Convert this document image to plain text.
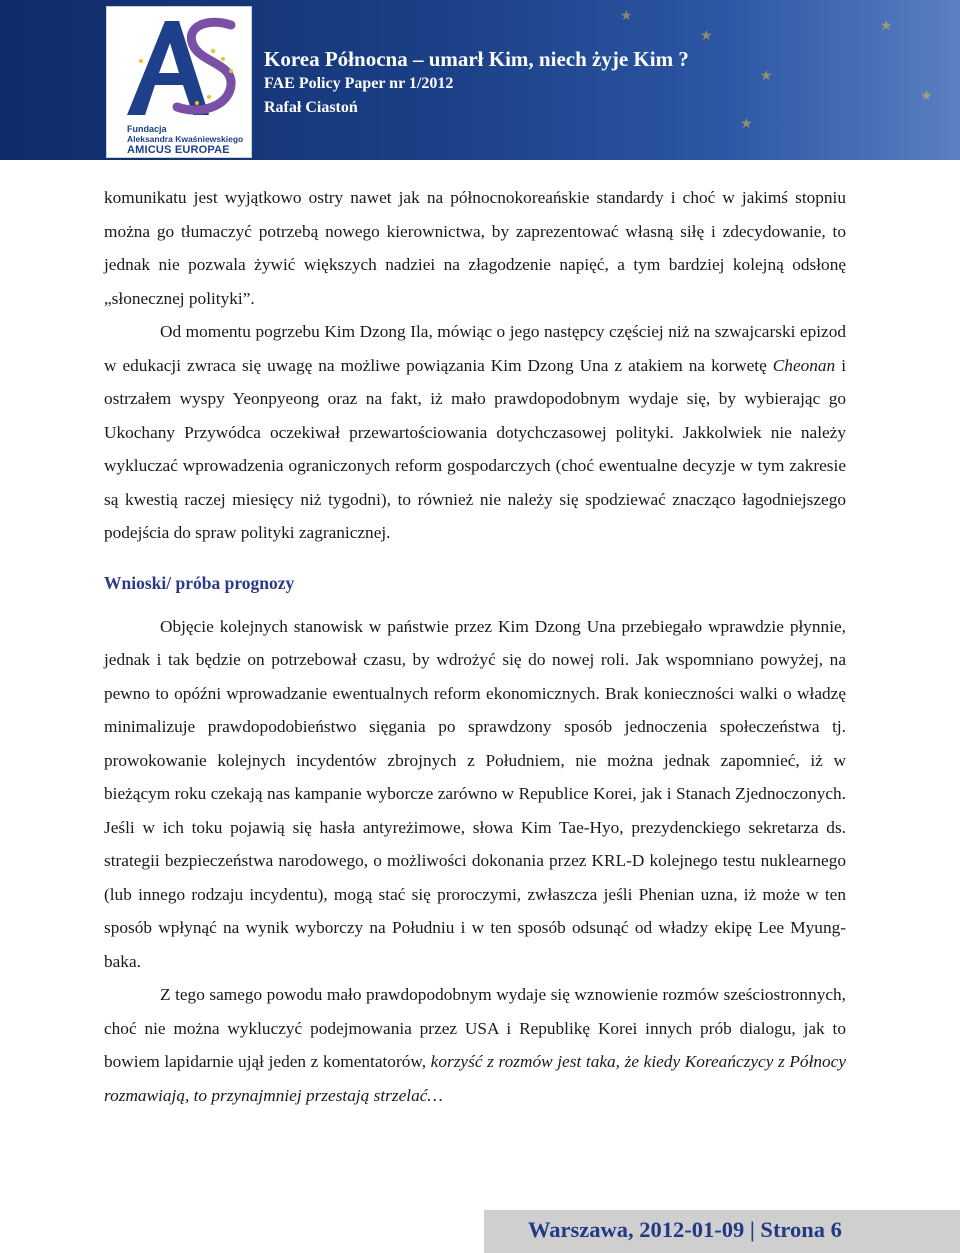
★
★
★
★
★
★
Fundacja
Aleksandra Kwaśniewskiego
AMICUS EUROPAE
Korea Północna – umarł Kim, niech żyje Kim ?
FAE Policy Paper nr 1/2012
Rafał Ciastoń

komunikatu jest wyjątkowo ostry nawet jak na północnokoreańskie standardy i choć w jakimś stopniu można go tłumaczyć potrzebą nowego kierownictwa, by zaprezentować własną siłę i zdecydowanie, to jednak nie pozwala żywić większych nadziei na złagodzenie napięć, a tym bardziej kolejną odsłonę „słonecznej polityki”.

Od momentu pogrzebu Kim Dzong Ila, mówiąc o jego następcy częściej niż na szwajcarski epizod w edukacji zwraca się uwagę na możliwe powiązania Kim Dzong Una z atakiem na korwetę Cheonan i ostrzałem wyspy Yeonpyeong oraz na fakt, iż mało prawdopodobnym wydaje się, by wybierając go Ukochany Przywódca oczekiwał przewartościowania dotychczasowej polityki. Jakkolwiek nie należy wykluczać wprowadzenia ograniczonych reform gospodarczych (choć ewentualne decyzje w tym zakresie są kwestią raczej miesięcy niż tygodni), to również nie należy się spodziewać znacząco łagodniejszego podejścia do spraw polityki zagranicznej.

Wnioski/ próba prognozy

Objęcie kolejnych stanowisk w państwie przez Kim Dzong Una przebiegało wprawdzie płynnie, jednak i tak będzie on potrzebował czasu, by wdrożyć się do nowej roli. Jak wspomniano powyżej, na pewno to opóźni wprowadzanie ewentualnych reform ekonomicznych. Brak konieczności walki o władzę minimalizuje prawdopodobieństwo sięgania po sprawdzony sposób jednoczenia społeczeństwa tj. prowokowanie kolejnych incydentów zbrojnych z Południem, nie można jednak zapomnieć, iż w bieżącym roku czekają nas kampanie wyborcze zarówno w Republice Korei, jak i Stanach Zjednoczonych. Jeśli w ich toku pojawią się hasła antyreżimowe, słowa Kim Tae-Hyo, prezydenckiego sekretarza ds. strategii bezpieczeństwa narodowego, o możliwości dokonania przez KRL-D kolejnego testu nuklearnego (lub innego rodzaju incydentu), mogą stać się proroczymi, zwłaszcza jeśli Phenian uzna, iż może w ten sposób wpłynąć na wynik wyborczy na Południu i w ten sposób odsunąć od władzy ekipę Lee Myung-baka.

Z tego samego powodu mało prawdopodobnym wydaje się wznowienie rozmów sześciostronnych, choć nie można wykluczyć podejmowania przez USA i Republikę Korei innych prób dialogu, jak to bowiem lapidarnie ujął jeden z komentatorów, korzyść z rozmów jest taka, że kiedy Koreańczycy z Północy rozmawiają, to przynajmniej przestają strzelać…

Warszawa, 2012-01-09 | Strona 6
